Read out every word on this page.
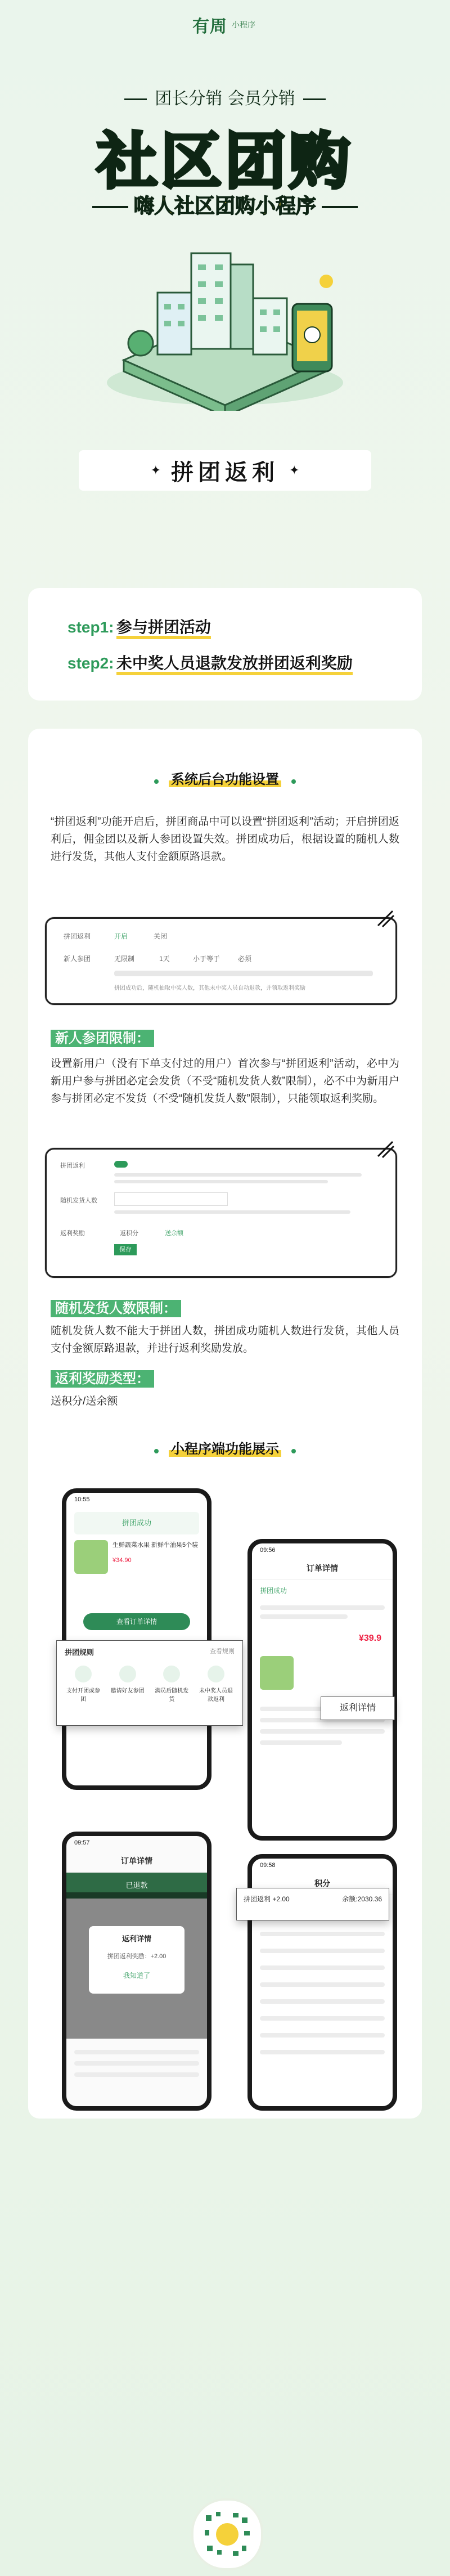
有周 小程序
团长分销 会员分销
社区团购
嗨人社区团购小程序
✦ 拼团返利 ✦
step1: 参与拼团活动
step2: 未中奖人员退款发放拼团返利奖励
系统后台功能设置
“拼团返利”功能开启后，拼团商品中可以设置“拼团返利”活动；开启拼团返利后，佣金团以及新人参团设置失效。拼团成功后，根据设置的随机人数进行发货，其他人支付金额原路退款。
拼团返利	开启	关闭
新人参团	无限制	1天	小于等于	必须
拼团成功后，随机抽取中奖人数，其他未中奖人员自动退款，并领取返利奖励
新人参团限制：
设置新用户（没有下单支付过的用户）首次参与“拼团返利”活动，必中为新用户参与拼团必定会发货（不受“随机发货人数”限制），必不中为新用户参与拼团必定不发货（不受“随机发货人数”限制），只能领取返利奖励。
拼团返利
随机发货人数
返利奖励	返积分	送余额
保存
随机发货人数限制：
随机发货人数不能大于拼团人数，拼团成功随机人数进行发货，其他人员支付金额原路退款，并进行返利奖励发放。
返利奖励类型：
送积分/送余额
小程序端功能展示
10:55
拼团成功
生鲜蔬菜水果 新鲜牛油果5个装
¥34.90
查看订单详情
拼团规则	查看规则
支付开团或参团
邀请好友参团	满员后随机发货
未中奖人员退款返利
09:56
订单详情
拼团成功
¥39.9
返利详情
09:57
订单详情
已退款
返利详情
拼团返利奖励：+2.00
我知道了
09:58
积分
拼团返利 +2.00	余额:2030.36
